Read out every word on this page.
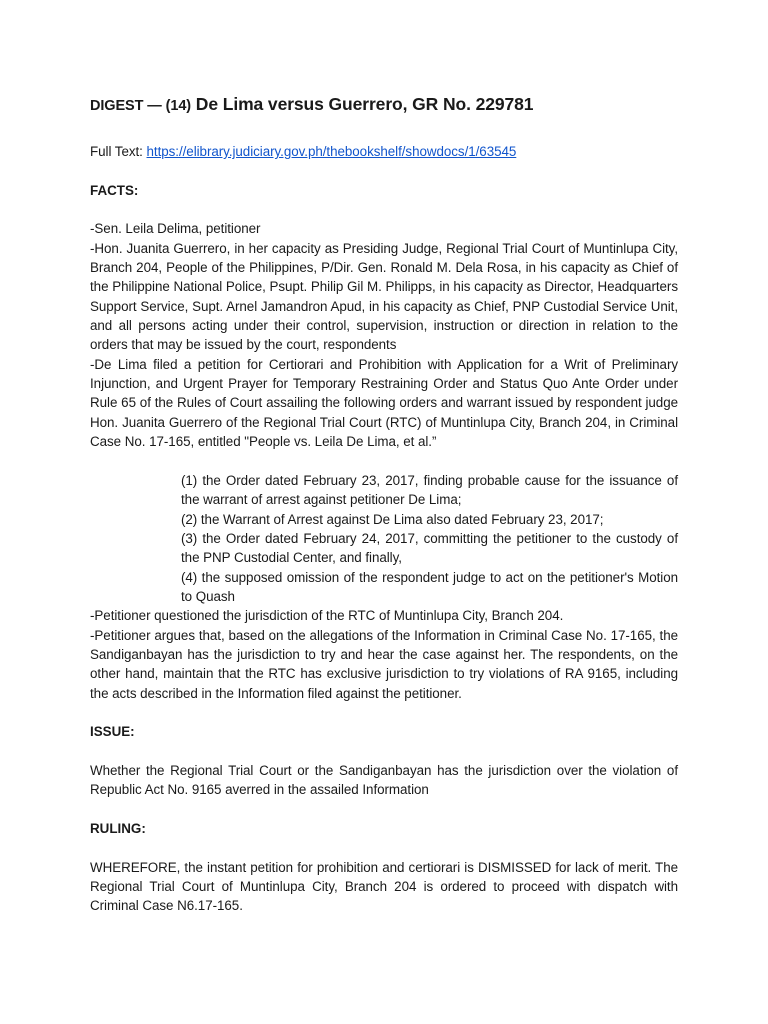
DIGEST — (14) De Lima versus Guerrero, GR No. 229781

Full Text: https://elibrary.judiciary.gov.ph/thebookshelf/showdocs/1/63545

FACTS:

-Sen. Leila Delima, petitioner

-Hon. Juanita Guerrero, in her capacity as Presiding Judge, Regional Trial Court of Muntinlupa City, Branch 204, People of the Philippines, P/Dir. Gen. Ronald M. Dela Rosa, in his capacity as Chief of the Philippine National Police, Psupt. Philip Gil M. Philipps, in his capacity as Director, Headquarters Support Service, Supt. Arnel Jamandron Apud, in his capacity as Chief, PNP Custodial Service Unit, and all persons acting under their control, supervision, instruction or direction in relation to the orders that may be issued by the court, respondents

-De Lima filed a petition for Certiorari and Prohibition with Application for a Writ of Preliminary Injunction, and Urgent Prayer for Temporary Restraining Order and Status Quo Ante Order under Rule 65 of the Rules of Court assailing the following orders and warrant issued by respondent judge Hon. Juanita Guerrero of the Regional Trial Court (RTC) of Muntinlupa City, Branch 204, in Criminal Case No. 17-165, entitled "People vs. Leila De Lima, et al.”

(1) the Order dated February 23, 2017, finding probable cause for the issuance of the warrant of arrest against petitioner De Lima;
(2) the Warrant of Arrest against De Lima also dated February 23, 2017;
(3) the Order dated February 24, 2017, committing the petitioner to the custody of the PNP Custodial Center, and finally,
(4) the supposed omission of the respondent judge to act on the petitioner's Motion to Quash

-Petitioner questioned the jurisdiction of the RTC of Muntinlupa City, Branch 204.

-Petitioner argues that, based on the allegations of the Information in Criminal Case No. 17-165, the Sandiganbayan has the jurisdiction to try and hear the case against her. The respondents, on the other hand, maintain that the RTC has exclusive jurisdiction to try violations of RA 9165, including the acts described in the Information filed against the petitioner.

ISSUE:

Whether the Regional Trial Court or the Sandiganbayan has the jurisdiction over the violation of Republic Act No. 9165 averred in the assailed Information

RULING:

WHEREFORE, the instant petition for prohibition and certiorari is DISMISSED for lack of merit. The Regional Trial Court of Muntinlupa City, Branch 204 is ordered to proceed with dispatch with Criminal Case N6.17-165.
